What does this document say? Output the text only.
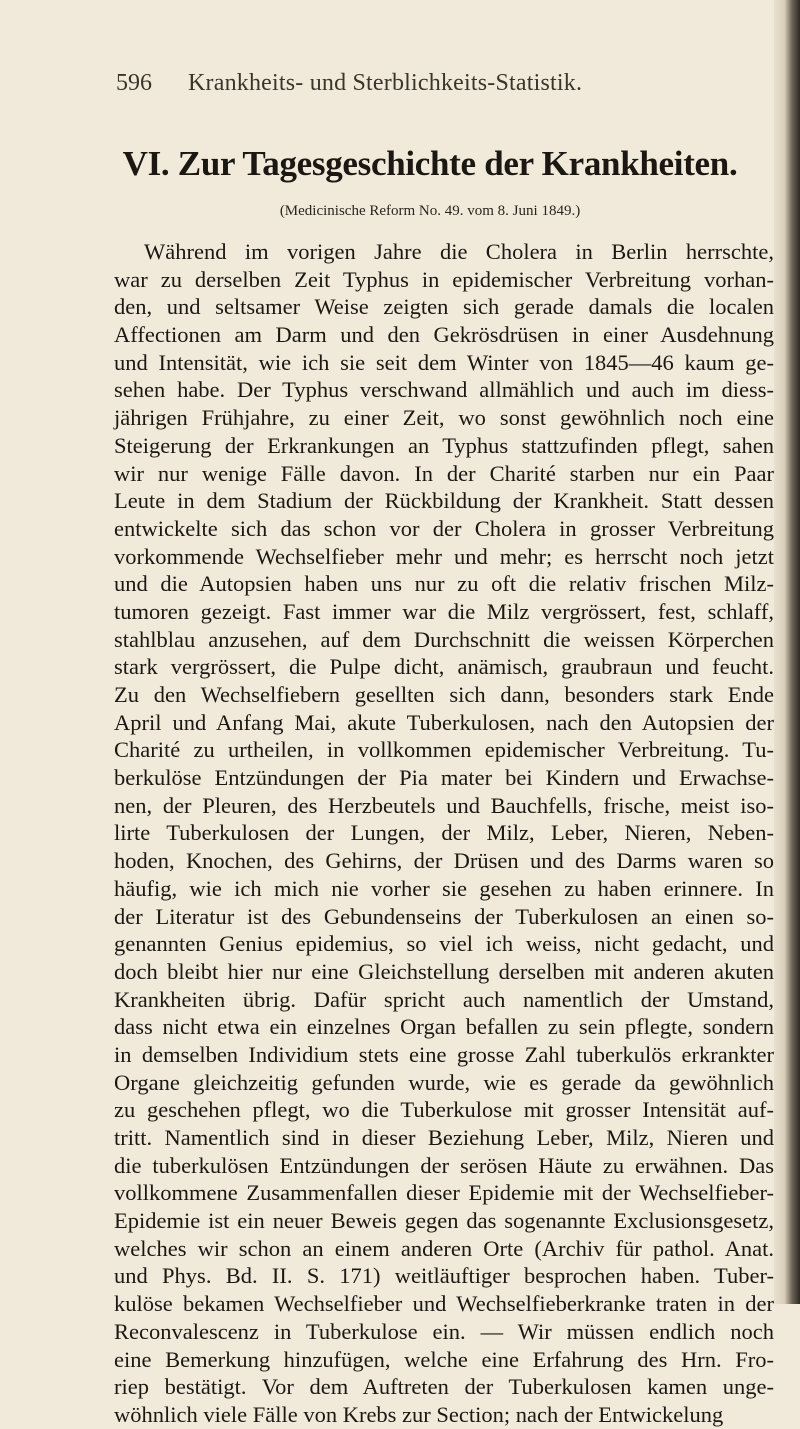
596 Krankheits- und Sterblichkeits-Statistik.
VI. Zur Tagesgeschichte der Krankheiten.
(Medicinische Reform No. 49. vom 8. Juni 1849.)
Während im vorigen Jahre die Cholera in Berlin herrschte,
war zu derselben Zeit Typhus in epidemischer Verbreitung vorhan-
den, und seltsamer Weise zeigten sich gerade damals die localen
Affectionen am Darm und den Gekrösdrüsen in einer Ausdehnung
und Intensität, wie ich sie seit dem Winter von 1845—46 kaum ge-
sehen habe. Der Typhus verschwand allmählich und auch im diess-
jährigen Frühjahre, zu einer Zeit, wo sonst gewöhnlich noch eine
Steigerung der Erkrankungen an Typhus stattzufinden pflegt, sahen
wir nur wenige Fälle davon. In der Charité starben nur ein Paar
Leute in dem Stadium der Rückbildung der Krankheit. Statt dessen
entwickelte sich das schon vor der Cholera in grosser Verbreitung
vorkommende Wechselfieber mehr und mehr; es herrscht noch jetzt
und die Autopsien haben uns nur zu oft die relativ frischen Milz-
tumoren gezeigt. Fast immer war die Milz vergrössert, fest, schlaff,
stahlblau anzusehen, auf dem Durchschnitt die weissen Körperchen
stark vergrössert, die Pulpe dicht, anämisch, graubraun und feucht.
Zu den Wechselfiebern gesellten sich dann, besonders stark Ende
April und Anfang Mai, akute Tuberkulosen, nach den Autopsien der
Charité zu urtheilen, in vollkommen epidemischer Verbreitung. Tu-
berkulöse Entzündungen der Pia mater bei Kindern und Erwachse-
nen, der Pleuren, des Herzbeutels und Bauchfells, frische, meist iso-
lirte Tuberkulosen der Lungen, der Milz, Leber, Nieren, Neben-
hoden, Knochen, des Gehirns, der Drüsen und des Darms waren so
häufig, wie ich mich nie vorher sie gesehen zu haben erinnere. In
der Literatur ist des Gebundenseins der Tuberkulosen an einen so-
genannten Genius epidemius, so viel ich weiss, nicht gedacht, und
doch bleibt hier nur eine Gleichstellung derselben mit anderen akuten
Krankheiten übrig. Dafür spricht auch namentlich der Umstand,
dass nicht etwa ein einzelnes Organ befallen zu sein pflegte, sondern
in demselben Individium stets eine grosse Zahl tuberkulös erkrankter
Organe gleichzeitig gefunden wurde, wie es gerade da gewöhnlich
zu geschehen pflegt, wo die Tuberkulose mit grosser Intensität auf-
tritt. Namentlich sind in dieser Beziehung Leber, Milz, Nieren und
die tuberkulösen Entzündungen der serösen Häute zu erwähnen. Das
vollkommene Zusammenfallen dieser Epidemie mit der Wechselfieber-
Epidemie ist ein neuer Beweis gegen das sogenannte Exclusionsgesetz,
welches wir schon an einem anderen Orte (Archiv für pathol. Anat.
und Phys. Bd. II. S. 171) weitläuftiger besprochen haben. Tuber-
kulöse bekamen Wechselfieber und Wechselfieberkranke traten in der
Reconvalescenz in Tuberkulose ein. — Wir müssen endlich noch
eine Bemerkung hinzufügen, welche eine Erfahrung des Hrn. Fro-
riep bestätigt. Vor dem Auftreten der Tuberkulosen kamen unge-
wöhnlich viele Fälle von Krebs zur Section; nach der Entwickelung
